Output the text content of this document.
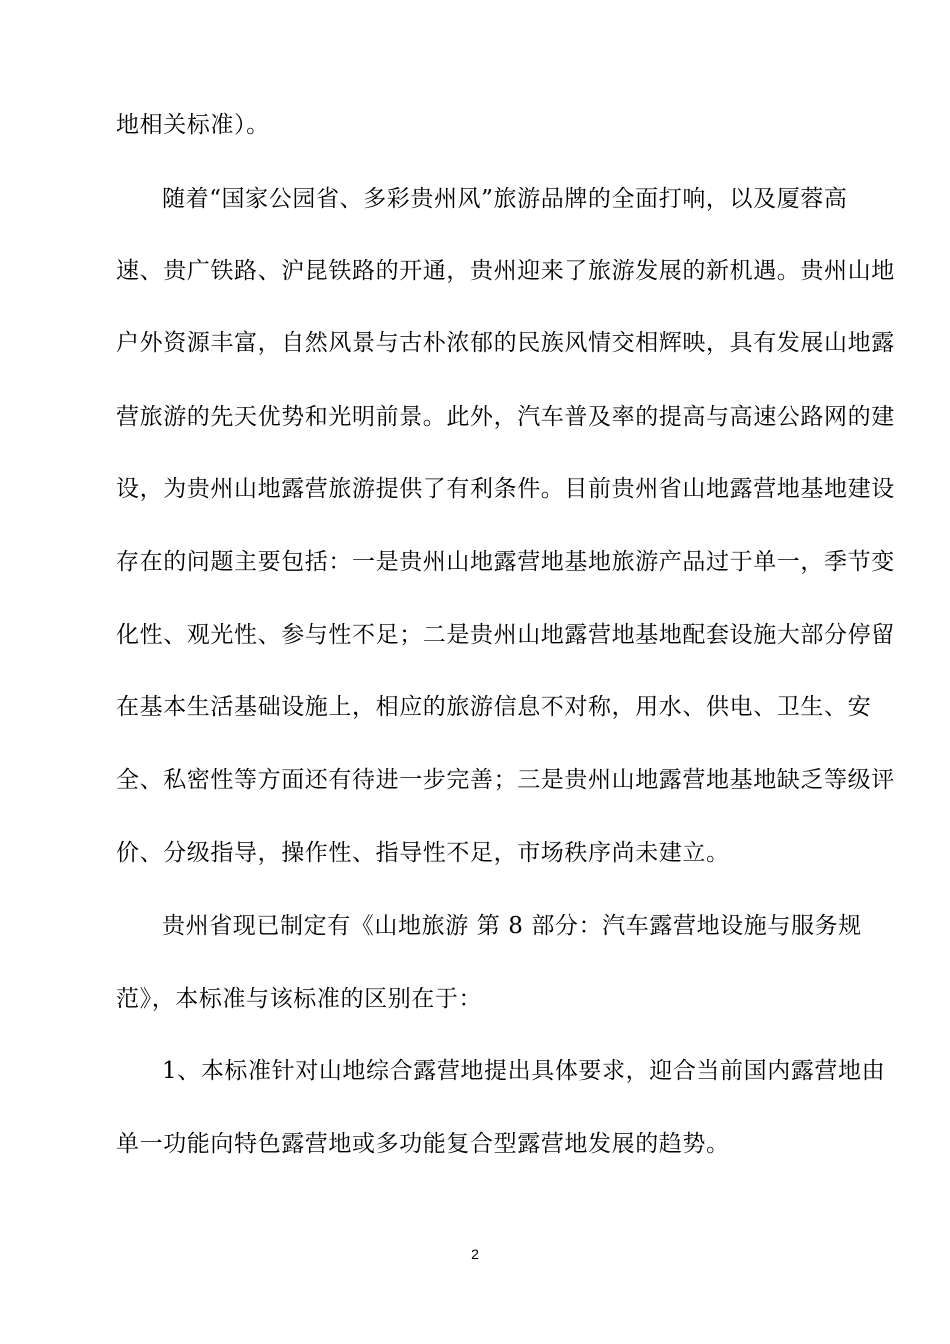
地相关标准）。
随着“国家公园省、多彩贵州风”旅游品牌的全面打响，以及厦蓉高
速、贵广铁路、沪昆铁路的开通，贵州迎来了旅游发展的新机遇。贵州山地
户外资源丰富，自然风景与古朴浓郁的民族风情交相辉映，具有发展山地露
营旅游的先天优势和光明前景。此外，汽车普及率的提高与高速公路网的建
设，为贵州山地露营旅游提供了有利条件。目前贵州省山地露营地基地建设
存在的问题主要包括：一是贵州山地露营地基地旅游产品过于单一，季节变
化性、观光性、参与性不足；二是贵州山地露营地基地配套设施大部分停留
在基本生活基础设施上，相应的旅游信息不对称，用水、供电、卫生、安
全、私密性等方面还有待进一步完善；三是贵州山地露营地基地缺乏等级评
价、分级指导，操作性、指导性不足，市场秩序尚未建立。
贵州省现已制定有《山地旅游 第 8 部分：汽车露营地设施与服务规
范》，本标准与该标准的区别在于：
1、本标准针对山地综合露营地提出具体要求，迎合当前国内露营地由
单一功能向特色露营地或多功能复合型露营地发展的趋势。
2
